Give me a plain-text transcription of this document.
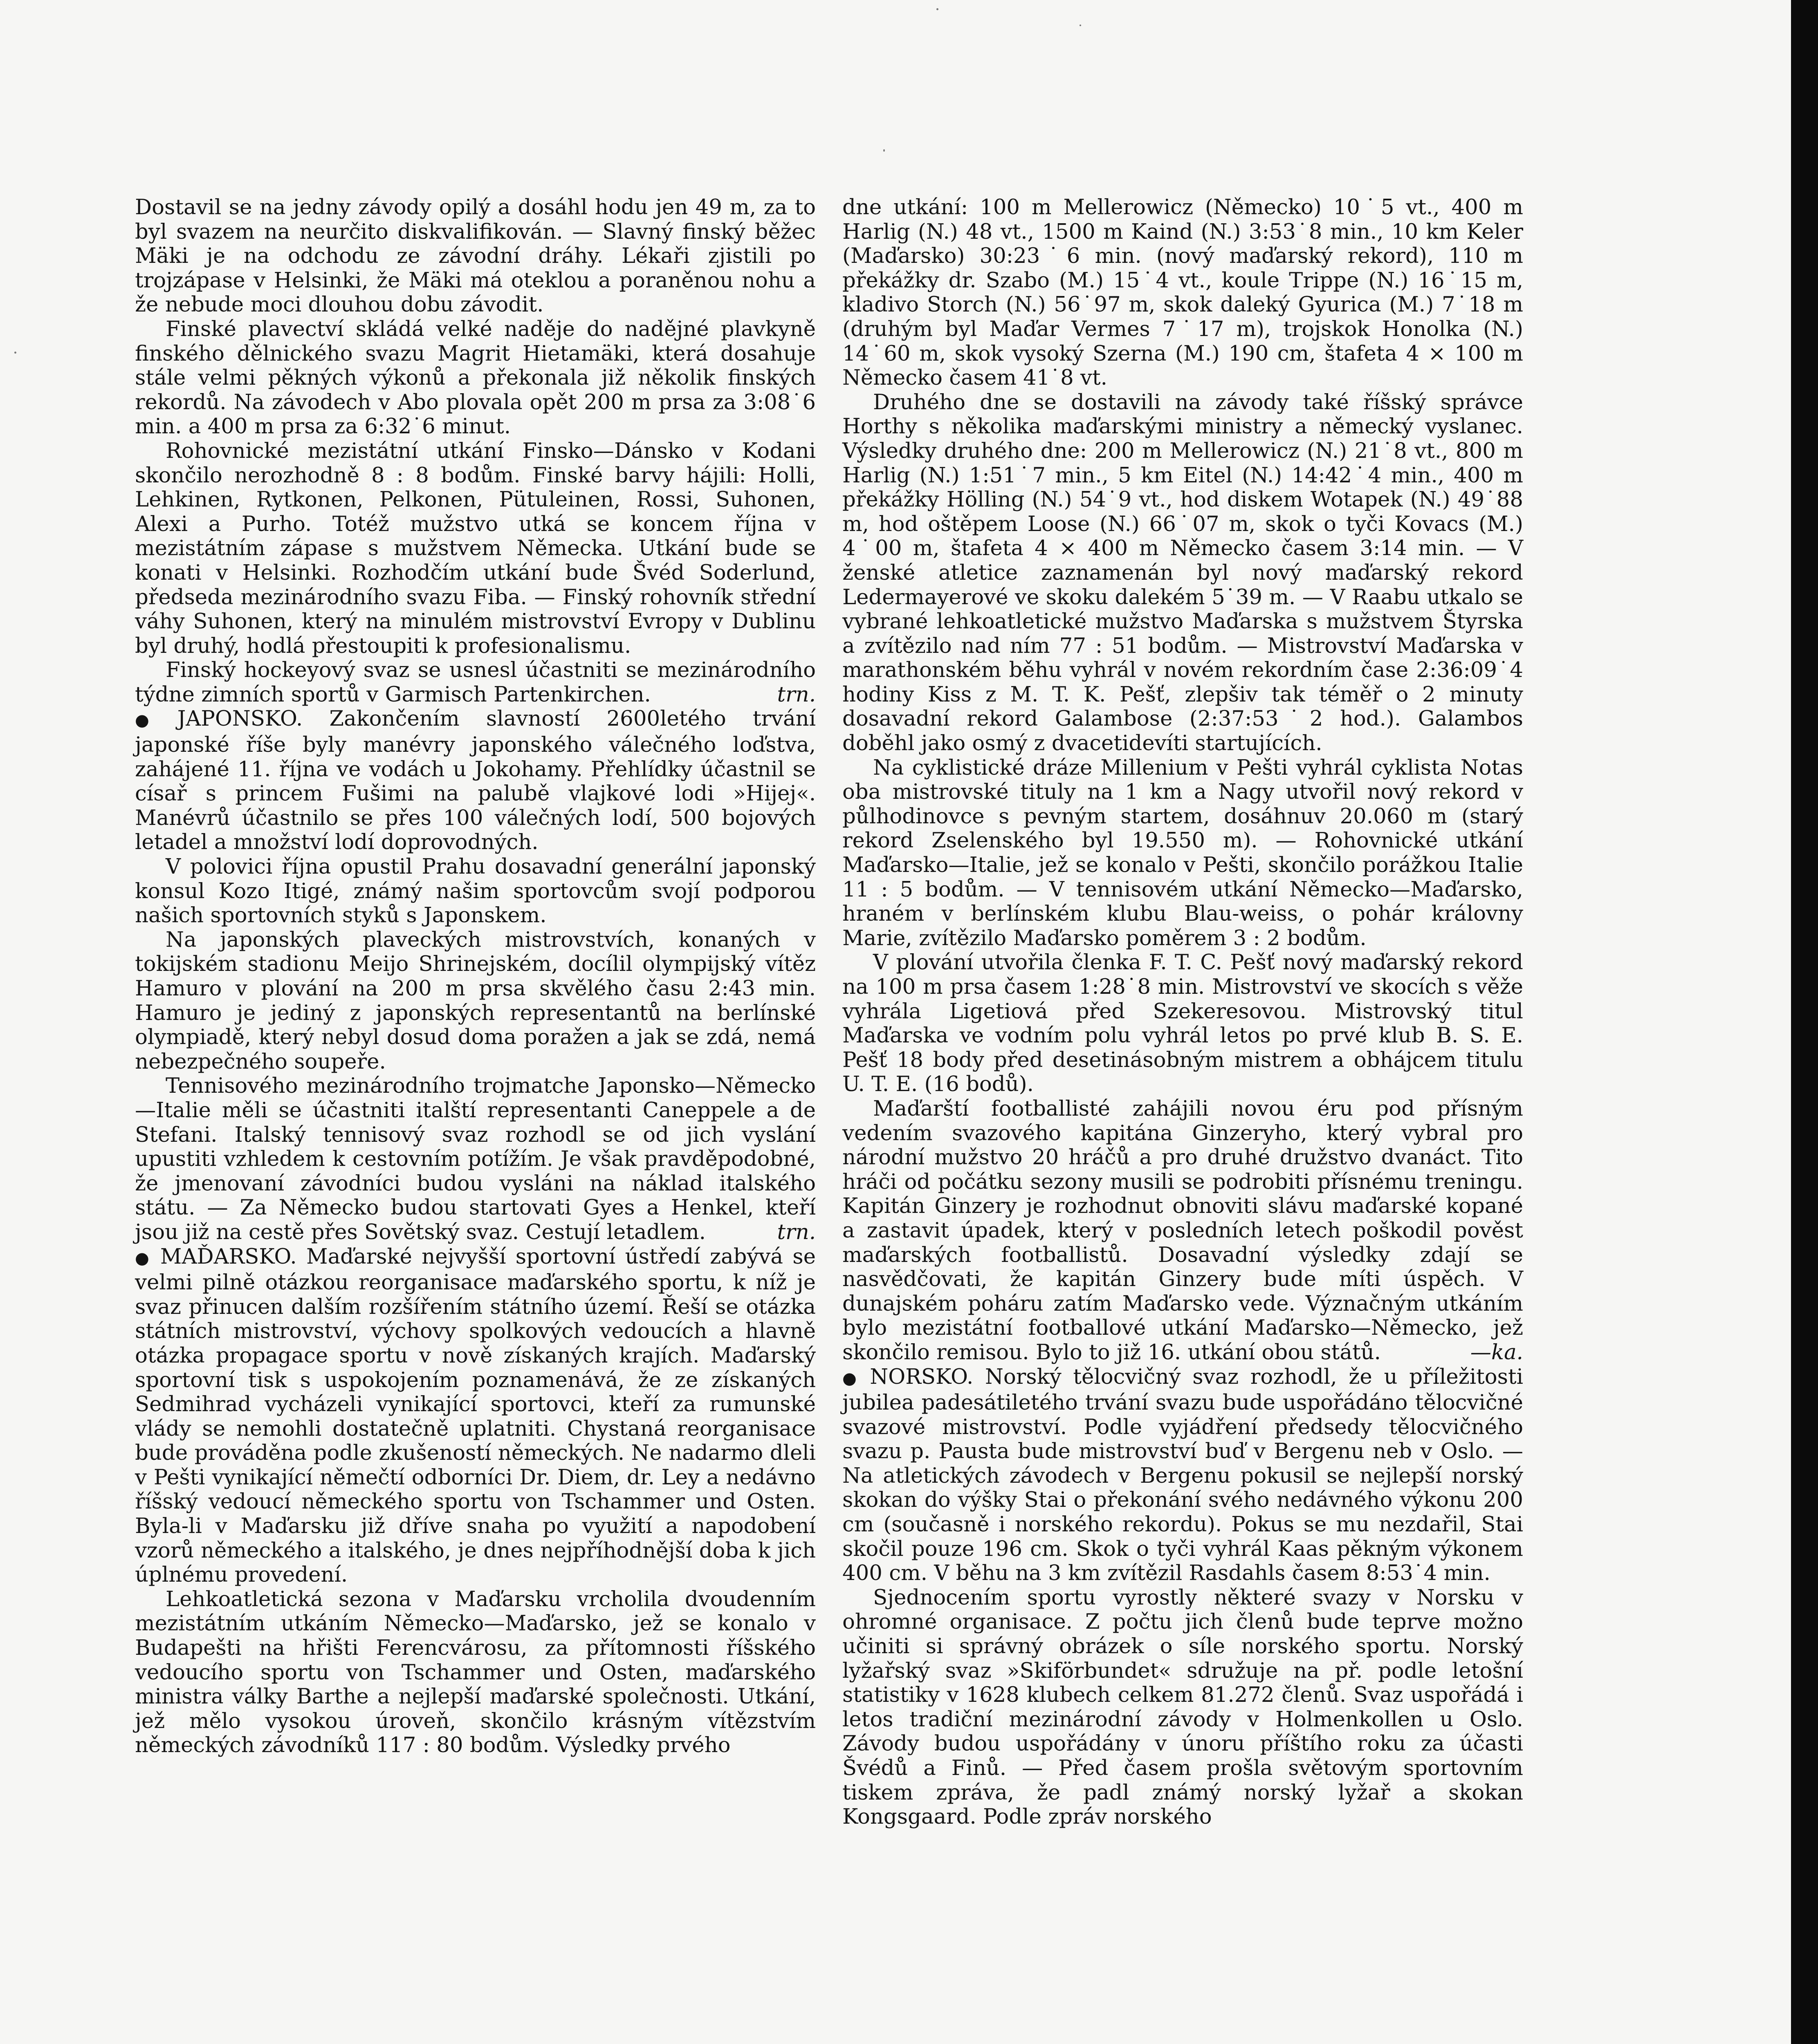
Dostavil se na jedny závody opilý a dosáhl hodu jen 49 m, za to byl svazem na neurčito diskvalifikován. — Slavný finský běžec Mäki je na odchodu ze závodní dráhy. Lékaři zjistili po trojzápase v Helsinki, že Mäki má oteklou a poraněnou nohu a že nebude moci dlouhou dobu závodit.

Finské plavectví skládá velké naděje do nadějné plavkyně finského dělnického svazu Magrit Hietamäki, která dosahuje stále velmi pěkných výkonů a překonala již několik finských rekordů. Na závodech v Abo plovala opět 200 m prsa za 3:08˙6 min. a 400 m prsa za 6:32˙6 minut.

Rohovnické mezistátní utkání Finsko—Dánsko v Kodani skončilo nerozhodně 8 : 8 bodům. Finské barvy hájili: Holli, Lehkinen, Rytkonen, Pelkonen, Pütuleinen, Rossi, Suhonen, Alexi a Purho. Totéž mužstvo utká se koncem října v mezistátním zápase s mužstvem Německa. Utkání bude se konati v Helsinki. Rozhodčím utkání bude Švéd Soderlund, předseda mezinárodního svazu Fiba. — Finský rohovník střední váhy Suhonen, který na minulém mistrovství Evropy v Dublinu byl druhý, hodlá přestoupiti k profesionalismu.

Finský hockeyový svaz se usnesl účastniti se mezinárodního týdne zimních sportů v Garmisch Partenkirchen.	trn.

● JAPONSKO. Zakončením slavností 2600letého trvání japonské říše byly manévry japonského válečného loďstva, zahájené 11. října ve vodách u Jokohamy. Přehlídky účastnil se císař s princem Fušimi na palubě vlajkové lodi »Hijej«. Manévrů účastnilo se přes 100 válečných lodí, 500 bojových letadel a množství lodí doprovodných.

V polovici října opustil Prahu dosavadní generální japonský konsul Kozo Itigé, známý našim sportovcům svojí podporou našich sportovních styků s Japonskem.

Na japonských plaveckých mistrovstvích, konaných v tokijském stadionu Meijo Shrinejském, docílil olympijský vítěz Hamuro v plování na 200 m prsa skvělého času 2:43 min. Hamuro je jediný z japonských representantů na berlínské olympiadě, který nebyl dosud doma poražen a jak se zdá, nemá nebezpečného soupeře.

Tennisového mezinárodního trojmatche Japonsko—Německo—Italie měli se účastniti italští representanti Caneppele a de Stefani. Italský tennisový svaz rozhodl se od jich vyslání upustiti vzhledem k cestovním potížím. Je však pravděpodobné, že jmenovaní závodníci budou vysláni na náklad italského státu. — Za Německo budou startovati Gyes a Henkel, kteří jsou již na cestě přes Sovětský svaz. Cestují letadlem.	trn.

● MAĎARSKO. Maďarské nejvyšší sportovní ústředí zabývá se velmi pilně otázkou reorganisace maďarského sportu, k níž je svaz přinucen dalším rozšířením státního území. Řeší se otázka státních mistrovství, výchovy spolkových vedoucích a hlavně otázka propagace sportu v nově získaných krajích. Maďarský sportovní tisk s uspokojením poznamenává, že ze získaných Sedmihrad vycházeli vynikající sportovci, kteří za rumunské vlády se nemohli dostatečně uplatniti. Chystaná reorganisace bude prováděna podle zkušeností německých. Ne nadarmo dleli v Pešti vynikající němečtí odborníci Dr. Diem, dr. Ley a nedávno říšský vedoucí německého sportu von Tschammer und Osten. Byla-li v Maďarsku již dříve snaha po využití a napodobení vzorů německého a italského, je dnes nejpříhodnější doba k jich úplnému provedení.

Lehkoatletická sezona v Maďarsku vrcholila dvoudenním mezistátním utkáním Německo—Maďarsko, jež se konalo v Budapešti na hřišti Ferencvárosu, za přítomnosti říšského vedoucího sportu von Tschammer und Osten, maďarského ministra války Barthe a nejlepší maďarské společnosti. Utkání, jež mělo vysokou úroveň, skončilo krásným vítězstvím německých závodníků 117 : 80 bodům. Výsledky prvého

dne utkání: 100 m Mellerowicz (Německo) 10˙5 vt., 400 m Harlig (N.) 48 vt., 1500 m Kaind (N.) 3:53˙8 min., 10 km Keler (Maďarsko) 30:23˙6 min. (nový maďarský rekord), 110 m překážky dr. Szabo (M.) 15˙4 vt., koule Trippe (N.) 16˙15 m, kladivo Storch (N.) 56˙97 m, skok daleký Gyurica (M.) 7˙18 m (druhým byl Maďar Vermes 7˙17 m), trojskok Honolka (N.) 14˙60 m, skok vysoký Szerna (M.) 190 cm, štafeta 4 × 100 m Německo časem 41˙8 vt.

Druhého dne se dostavili na závody také říšský správce Horthy s několika maďarskými ministry a německý vyslanec. Výsledky druhého dne: 200 m Mellerowicz (N.) 21˙8 vt., 800 m Harlig (N.) 1:51˙7 min., 5 km Eitel (N.) 14:42˙4 min., 400 m překážky Hölling (N.) 54˙9 vt., hod diskem Wotapek (N.) 49˙88 m, hod oštěpem Loose (N.) 66˙07 m, skok o tyči Kovacs (M.) 4˙00 m, štafeta 4 × 400 m Německo časem 3:14 min. — V ženské atletice zaznamenán byl nový maďarský rekord Ledermayerové ve skoku dalekém 5˙39 m. — V Raabu utkalo se vybrané lehkoatletické mužstvo Maďarska s mužstvem Štyrska a zvítězilo nad ním 77 : 51 bodům. — Mistrovství Maďarska v marathonském běhu vyhrál v novém rekordním čase 2:36:09˙4 hodiny Kiss z M. T. K. Pešť, zlepšiv tak téměř o 2 minuty dosavadní rekord Galambose (2:37:53˙2 hod.). Galambos doběhl jako osmý z dvacetidevíti startujících.

Na cyklistické dráze Millenium v Pešti vyhrál cyklista Notas oba mistrovské tituly na 1 km a Nagy utvořil nový rekord v půlhodinovce s pevným startem, dosáhnuv 20.060 m (starý rekord Zselenského byl 19.550 m). — Rohovnické utkání Maďarsko—Italie, jež se konalo v Pešti, skončilo porážkou Italie 11 : 5 bodům. — V tennisovém utkání Německo—Maďarsko, hraném v berlínském klubu Blau-weiss, o pohár královny Marie, zvítězilo Maďarsko poměrem 3 : 2 bodům.

V plování utvořila členka F. T. C. Pešť nový maďarský rekord na 100 m prsa časem 1:28˙8 min. Mistrovství ve skocích s věže vyhrála Ligetiová před Szekeresovou. Mistrovský titul Maďarska ve vodním polu vyhrál letos po prvé klub B. S. E. Pešť 18 body před desetinásobným mistrem a obhájcem titulu U. T. E. (16 bodů).

Maďarští footballisté zahájili novou éru pod přísným vedením svazového kapitána Ginzeryho, který vybral pro národní mužstvo 20 hráčů a pro druhé družstvo dvanáct. Tito hráči od počátku sezony musili se podrobiti přísnému treningu. Kapitán Ginzery je rozhodnut obnoviti slávu maďarské kopané a zastavit úpadek, který v posledních letech poškodil pověst maďarských footballistů. Dosavadní výsledky zdají se nasvědčovati, že kapitán Ginzery bude míti úspěch. V dunajském poháru zatím Maďarsko vede. Význačným utkáním bylo mezistátní footballové utkání Maďarsko—Německo, jež skončilo remisou. Bylo to již 16. utkání obou států.	—ka.

● NORSKO. Norský tělocvičný svaz rozhodl, že u příležitosti jubilea padesátiletého trvání svazu bude uspořádáno tělocvičné svazové mistrovství. Podle vyjádření předsedy tělocvičného svazu p. Pausta bude mistrovství buď v Bergenu neb v Oslo. — Na atletických závodech v Bergenu pokusil se nejlepší norský skokan do výšky Stai o překonání svého nedávného výkonu 200 cm (současně i norského rekordu). Pokus se mu nezdařil, Stai skočil pouze 196 cm. Skok o tyči vyhrál Kaas pěkným výkonem 400 cm. V běhu na 3 km zvítězil Rasdahls časem 8:53˙4 min.

Sjednocením sportu vyrostly některé svazy v Norsku v ohromné organisace. Z počtu jich členů bude teprve možno učiniti si správný obrázek o síle norského sportu. Norský lyžařský svaz »Skiförbundet« sdružuje na př. podle letošní statistiky v 1628 klubech celkem 81.272 členů. Svaz uspořádá i letos tradiční mezinárodní závody v Holmenkollen u Oslo. Závody budou uspořádány v únoru příštího roku za účasti Švédů a Finů. — Před časem prošla světovým sportovním tiskem zpráva, že padl známý norský lyžař a skokan Kongsgaard. Podle zpráv norského
